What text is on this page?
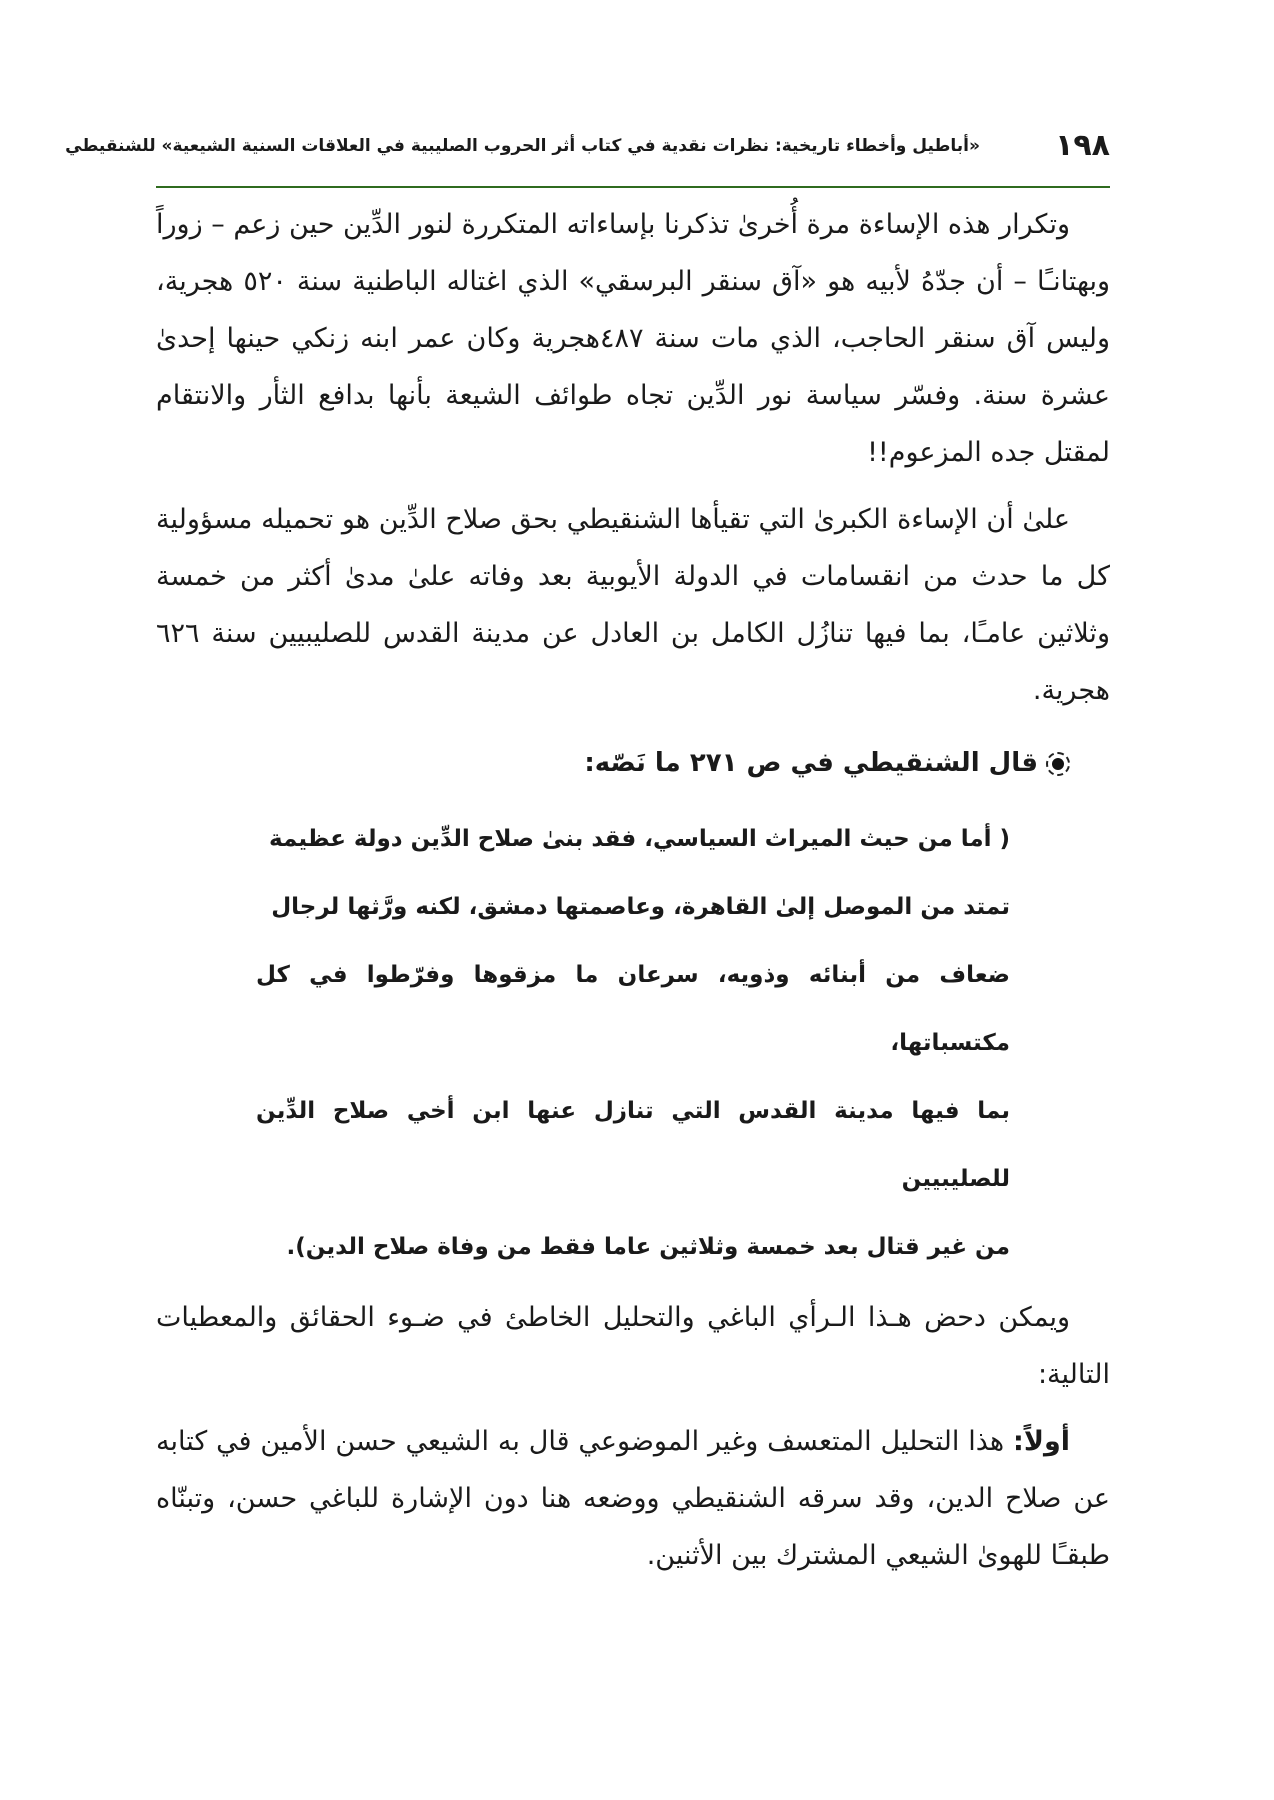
١٩٨
«أباطيل وأخطاء تاريخية: نظرات نقدية في كتاب أثر الحروب الصليبية في العلاقات السنية الشيعية» للشنقيطي

وتكرار هذه الإساءة مرة أُخرىٰ تذكرنا بإساءاته المتكررة لنور الدِّين حين زعم – زوراً وبهتانـًا – أن جدّهُ لأبيه هو «آق سنقر البرسقي» الذي اغتاله الباطنية سنة ٥٢٠ هجرية، وليس آق سنقر الحاجب، الذي مات سنة ٤٨٧هجرية وكان عمر ابنه زنكي حينها إحدىٰ عشرة سنة. وفسّر سياسة نور الدِّين تجاه طوائف الشيعة بأنها بدافع الثأر والانتقام لمقتل جده المزعوم!!

علىٰ أن الإساءة الكبرىٰ التي تقيأها الشنقيطي بحق صلاح الدِّين هو تحميله مسؤولية كل ما حدث من انقسامات في الدولة الأيوبية بعد وفاته علىٰ مدىٰ أكثر من خمسة وثلاثين عامـًا، بما فيها تنازُل الكامل بن العادل عن مدينة القدس للصليبيين سنة ٦٢٦ هجرية.

قال الشنقيطي في ص ٢٧١ ما نَصّه:

( أما من حيث الميراث السياسي، فقد بنىٰ صلاح الدِّين دولة عظيمة

تمتد من الموصل إلىٰ القاهرة، وعاصمتها دمشق، لكنه ورَّثها لرجال

ضعاف من أبنائه وذويه، سرعان ما مزقوها وفرّطوا في كل مكتسباتها،

بما فيها مدينة القدس التي تنازل عنها ابن أخي صلاح الدِّين للصليبيين

من غير قتال بعد خمسة وثلاثين عاما فقط من وفاة صلاح الدين).

ويمكن دحض هـذا الـرأي الباغي والتحليل الخاطئ في ضـوء الحقائق والمعطيات التالية:

أولاً: هذا التحليل المتعسف وغير الموضوعي قال به الشيعي حسن الأمين في كتابه عن صلاح الدين، وقد سرقه الشنقيطي ووضعه هنا دون الإشارة للباغي حسن، وتبنّاه طبقـًا للهوىٰ الشيعي المشترك بين الأثنين.
